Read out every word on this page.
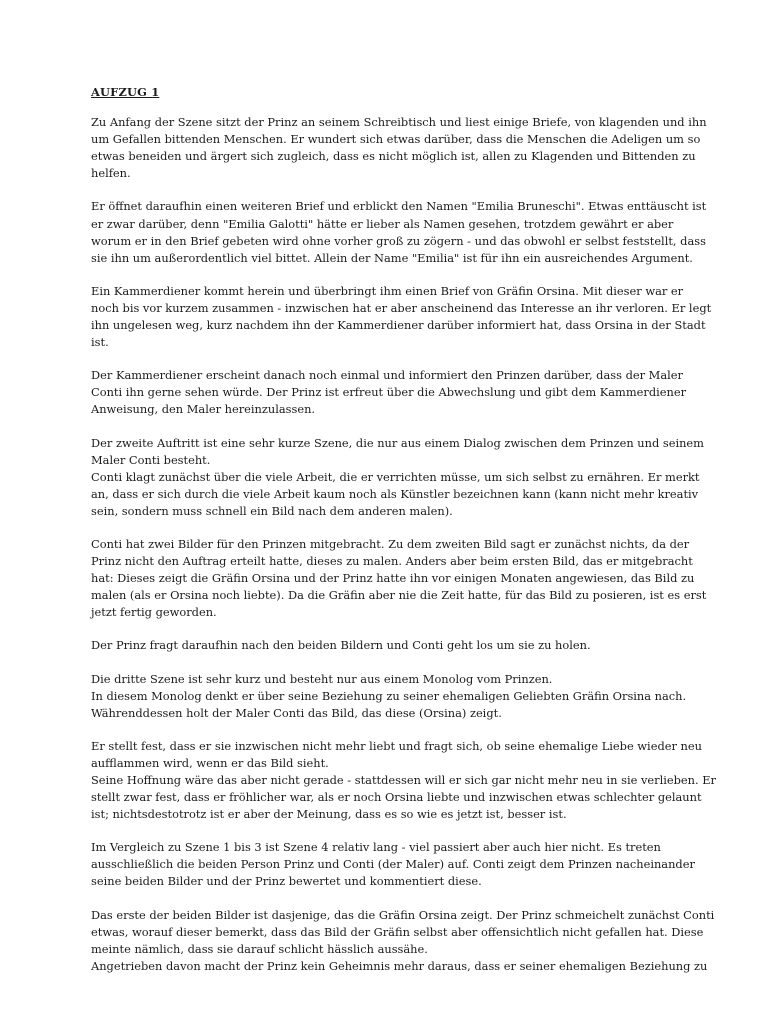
AUFZUG 1
Zu Anfang der Szene sitzt der Prinz an seinem Schreibtisch und liest einige Briefe, von klagenden und ihn
um Gefallen bittenden Menschen. Er wundert sich etwas darüber, dass die Menschen die Adeligen um so
etwas beneiden und ärgert sich zugleich, dass es nicht möglich ist, allen zu Klagenden und Bittenden zu
helfen.
Er öffnet daraufhin einen weiteren Brief und erblickt den Namen "Emilia Bruneschi". Etwas enttäuscht ist
er zwar darüber, denn "Emilia Galotti" hätte er lieber als Namen gesehen, trotzdem gewährt er aber
worum er in den Brief gebeten wird ohne vorher groß zu zögern - und das obwohl er selbst feststellt, dass
sie ihn um außerordentlich viel bittet. Allein der Name "Emilia" ist für ihn ein ausreichendes Argument.
Ein Kammerdiener kommt herein und überbringt ihm einen Brief von Gräfin Orsina. Mit dieser war er
noch bis vor kurzem zusammen - inzwischen hat er aber anscheinend das Interesse an ihr verloren. Er legt
ihn ungelesen weg, kurz nachdem ihn der Kammerdiener darüber informiert hat, dass Orsina in der Stadt
ist.
Der Kammerdiener erscheint danach noch einmal und informiert den Prinzen darüber, dass der Maler
Conti ihn gerne sehen würde. Der Prinz ist erfreut über die Abwechslung und gibt dem Kammerdiener
Anweisung, den Maler hereinzulassen.
Der zweite Auftritt ist eine sehr kurze Szene, die nur aus einem Dialog zwischen dem Prinzen und seinem
Maler Conti besteht.
Conti klagt zunächst über die viele Arbeit, die er verrichten müsse, um sich selbst zu ernähren. Er merkt
an, dass er sich durch die viele Arbeit kaum noch als Künstler bezeichnen kann (kann nicht mehr kreativ
sein, sondern muss schnell ein Bild nach dem anderen malen).
Conti hat zwei Bilder für den Prinzen mitgebracht. Zu dem zweiten Bild sagt er zunächst nichts, da der
Prinz nicht den Auftrag erteilt hatte, dieses zu malen. Anders aber beim ersten Bild, das er mitgebracht
hat: Dieses zeigt die Gräfin Orsina und der Prinz hatte ihn vor einigen Monaten angewiesen, das Bild zu
malen (als er Orsina noch liebte). Da die Gräfin aber nie die Zeit hatte, für das Bild zu posieren, ist es erst
jetzt fertig geworden.
Der Prinz fragt daraufhin nach den beiden Bildern und Conti geht los um sie zu holen.
Die dritte Szene ist sehr kurz und besteht nur aus einem Monolog vom Prinzen.
In diesem Monolog denkt er über seine Beziehung zu seiner ehemaligen Geliebten Gräfin Orsina nach.
Währenddessen holt der Maler Conti das Bild, das diese (Orsina) zeigt.
Er stellt fest, dass er sie inzwischen nicht mehr liebt und fragt sich, ob seine ehemalige Liebe wieder neu
aufflammen wird, wenn er das Bild sieht.
Seine Hoffnung wäre das aber nicht gerade - stattdessen will er sich gar nicht mehr neu in sie verlieben. Er
stellt zwar fest, dass er fröhlicher war, als er noch Orsina liebte und inzwischen etwas schlechter gelaunt
ist; nichtsdestotrotz ist er aber der Meinung, dass es so wie es jetzt ist, besser ist.
Im Vergleich zu Szene 1 bis 3 ist Szene 4 relativ lang - viel passiert aber auch hier nicht. Es treten
ausschließlich die beiden Person Prinz und Conti (der Maler) auf. Conti zeigt dem Prinzen nacheinander
seine beiden Bilder und der Prinz bewertet und kommentiert diese.
Das erste der beiden Bilder ist dasjenige, das die Gräfin Orsina zeigt. Der Prinz schmeichelt zunächst Conti
etwas, worauf dieser bemerkt, dass das Bild der Gräfin selbst aber offensichtlich nicht gefallen hat. Diese
meinte nämlich, dass sie darauf schlicht hässlich aussähe.
Angetrieben davon macht der Prinz kein Geheimnis mehr daraus, dass er seiner ehemaligen Beziehung zu
